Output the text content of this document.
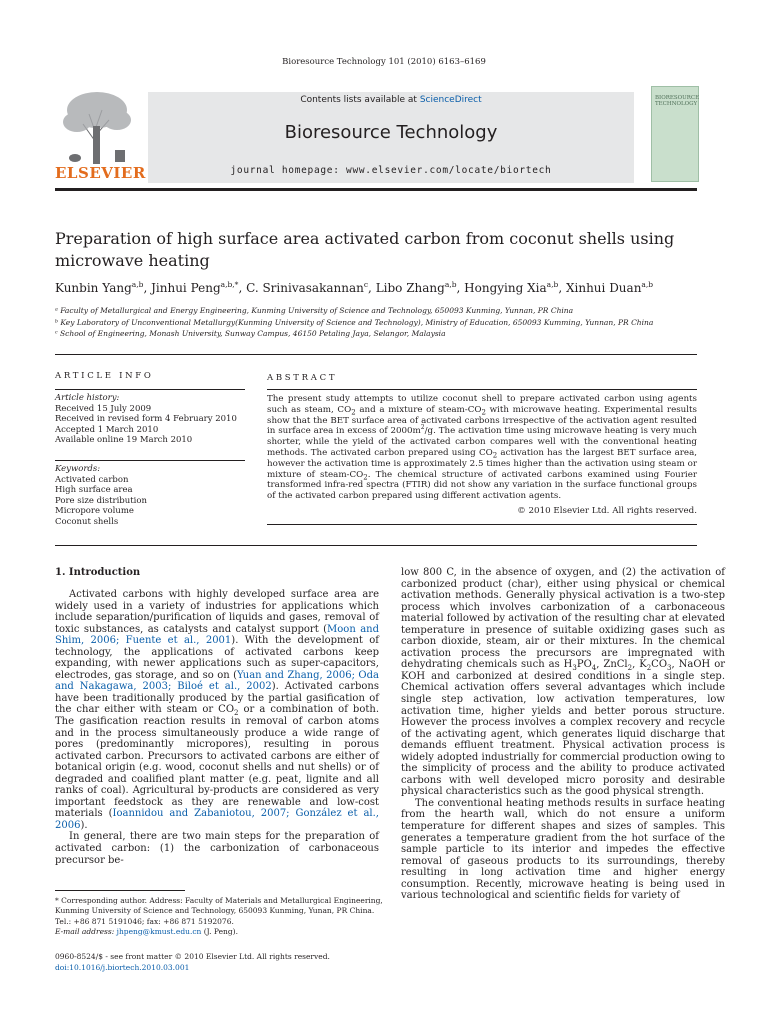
Bioresource Technology 101 (2010) 6163–6169
ELSEVIER
Contents lists available at ScienceDirect
Bioresource Technology
journal homepage: www.elsevier.com/locate/biortech
BIORESOURCE TECHNOLOGY
Preparation of high surface area activated carbon from coconut shells using microwave heating
Kunbin Yang$^{a,b}$, Jinhui Peng$^{a,b,*}$, C. Srinivasakannan$^c$, Libo Zhang$^{a,b}$, Hongying Xia$^{a,b}$, Xinhui Duan$^{a,b}$
ᵃ Faculty of Metallurgical and Energy Engineering, Kunming University of Science and Technology, 650093 Kunming, Yunnan, PR China
ᵇ Key Laboratory of Unconventional Metallurgy(Kunming University of Science and Technology), Ministry of Education, 650093 Kumming, Yunnan, PR China
ᶜ School of Engineering, Monash University, Sunway Campus, 46150 Petaling Jaya, Selangor, Malaysia
ARTICLE INFO	ABSTRACT
Article history:
Received 15 July 2009
Received in revised form 4 February 2010
Accepted 1 March 2010
Available online 19 March 2010
Keywords:
Activated carbon
High surface area
Pore size distribution
Micropore volume
Coconut shells
The present study attempts to utilize coconut shell to prepare activated carbon using agents such as steam, $CO_2$ and a mixture of steam-$CO_2$ with microwave heating. Experimental results show that the BET surface area of activated carbons irrespective of the activation agent resulted in surface area in excess of $2000m^2/g$. The activation time using microwave heating is very much shorter, while the yield of the activated carbon compares well with the conventional heating methods. The activated carbon prepared using $CO_2$ activation has the largest BET surface area, however the activation time is approximately 2.5 times higher than the activation using steam or mixture of steam-$CO_2$. The chemical structure of activated carbons examined using Fourier transformed infra-red spectra (FTIR) did not show any variation in the surface functional groups of the activated carbon prepared using different activation agents.
© 2010 Elsevier Ltd. All rights reserved.
1. Introduction

Activated carbons with highly developed surface area are widely used in a variety of industries for applications which include separation/purification of liquids and gases, removal of toxic substances, as catalysts and catalyst support (Moon and Shim, 2006; Fuente et al., 2001). With the development of technology, the applications of activated carbons keep expanding, with newer applications such as super-capacitors, electrodes, gas storage, and so on (Yuan and Zhang, 2006; Oda and Nakagawa, 2003; Biloé et al., 2002). Activated carbons have been traditionally produced by the partial gasification of the char either with steam or $CO_2$ or a combination of both. The gasification reaction results in removal of carbon atoms and in the process simultaneously produce a wide range of pores (predominantly micropores), resulting in porous activated carbon. Precursors to activated carbons are either of botanical origin (e.g. wood, coconut shells and nut shells) or of degraded and coalified plant matter (e.g. peat, lignite and all ranks of coal). Agricultural by-products are considered as very important feedstock as they are renewable and low-cost materials (Ioannidou and Zabaniotou, 2007; González et al., 2006).

In general, there are two main steps for the preparation of activated carbon: (1) the carbonization of carbonaceous precursor be-

low 800 C, in the absence of oxygen, and (2) the activation of carbonized product (char), either using physical or chemical activation methods. Generally physical activation is a two-step process which involves carbonization of a carbonaceous material followed by activation of the resulting char at elevated temperature in presence of suitable oxidizing gases such as carbon dioxide, steam, air or their mixtures. In the chemical activation process the precursors are impregnated with dehydrating chemicals such as $H_3PO_4$, ZnCl$_2$, $K_2CO_3$, NaOH or KOH and carbonized at desired conditions in a single step. Chemical activation offers several advantages which include single step activation, low activation temperatures, low activation time, higher yields and better porous structure. However the process involves a complex recovery and recycle of the activating agent, which generates liquid discharge that demands effluent treatment. Physical activation process is widely adopted industrially for commercial production owing to the simplicity of process and the ability to produce activated carbons with well developed micro porosity and desirable physical characteristics such as the good physical strength.

The conventional heating methods results in surface heating from the hearth wall, which do not ensure a uniform temperature for different shapes and sizes of samples. This generates a temperature gradient from the hot surface of the sample particle to its interior and impedes the effective removal of gaseous products to its surroundings, thereby resulting in long activation time and higher energy consumption. Recently, microwave heating is being used in various technological and scientific fields for variety of

* Corresponding author. Address: Faculty of Materials and Metallurgical Engineering, Kunming University of Science and Technology, 650093 Kunming, Yunan, PR China. Tel.: +86 871 5191046; fax: +86 871 5192076.
E-mail address: jhpeng@kmust.edu.cn (J. Peng).
0960-8524/$ - see front matter © 2010 Elsevier Ltd. All rights reserved.
doi:10.1016/j.biortech.2010.03.001
